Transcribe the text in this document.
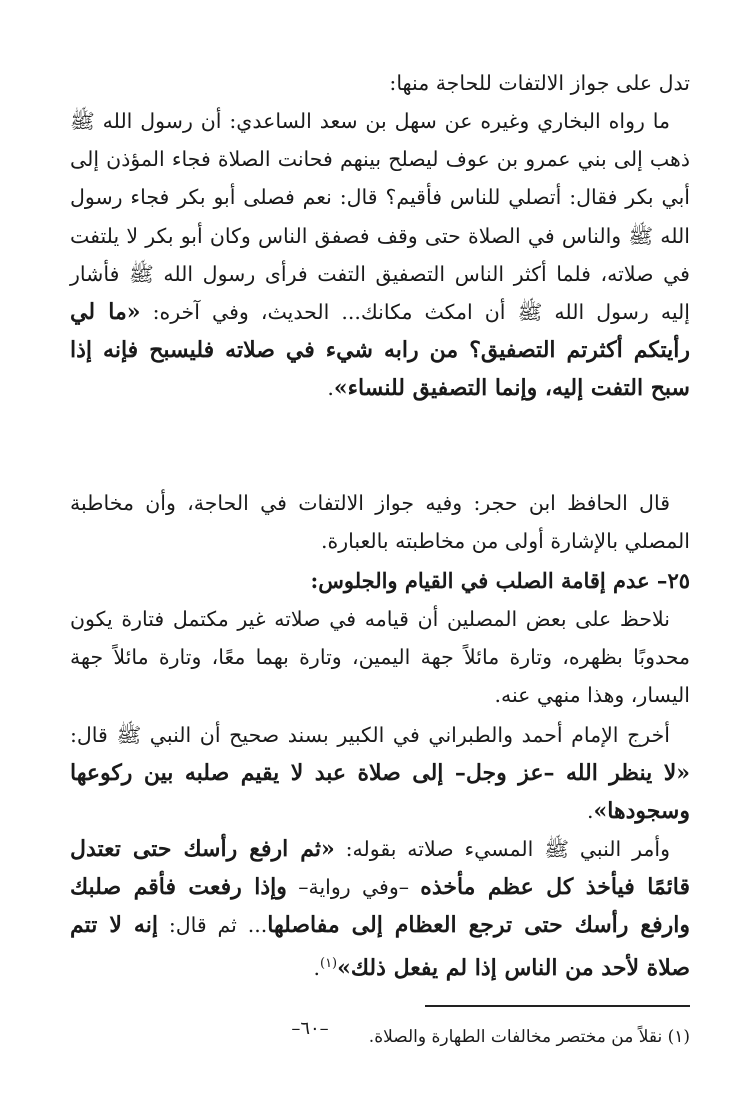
تدل على جواز الالتفات للحاجة منها:

ما رواه البخاري وغيره عن سهل بن سعد الساعدي: أن رسول الله ﷺ ذهب إلى بني عمرو بن عوف ليصلح بينهم فحانت الصلاة فجاء المؤذن إلى أبي بكر فقال: أتصلي للناس فأقيم؟ قال: نعم فصلى أبو بكر فجاء رسول الله ﷺ والناس في الصلاة حتى وقف فصفق الناس وكان أبو بكر لا يلتفت في صلاته، فلما أكثر الناس التصفيق التفت فرأى رسول الله ﷺ فأشار إليه رسول الله ﷺ أن امكث مكانك... الحديث، وفي آخره: «ما لي رأيتكم أكثرتم التصفيق؟ من رابه شيء في صلاته فليسبح فإنه إذا سبح التفت إليه، وإنما التصفيق للنساء».

قال الحافظ ابن حجر: وفيه جواز الالتفات في الحاجة، وأن مخاطبة المصلي بالإشارة أولى من مخاطبته بالعبارة.

٢٥– عدم إقامة الصلب في القيام والجلوس:

نلاحظ على بعض المصلين أن قيامه في صلاته غير مكتمل فتارة يكون محدوبًا بظهره، وتارة مائلاً جهة اليمين، وتارة بهما معًا، وتارة مائلاً جهة اليسار، وهذا منهي عنه.

أخرج الإمام أحمد والطبراني في الكبير بسند صحيح أن النبي ﷺ قال: «لا ينظر الله –عز وجل– إلى صلاة عبد لا يقيم صلبه بين ركوعها وسجودها».

وأمر النبي ﷺ المسيء صلاته بقوله: «ثم ارفع رأسك حتى تعتدل قائمًا فيأخذ كل عظم مأخذه –وفي رواية– وإذا رفعت فأقم صلبك وارفع رأسك حتى ترجع العظام إلى مفاصلها... ثم قال: إنه لا تتم صلاة لأحد من الناس إذا لم يفعل ذلك»$^{(١)}$.

(١) نقلاً من مختصر مخالفات الطهارة والصلاة.

–٦٠–
